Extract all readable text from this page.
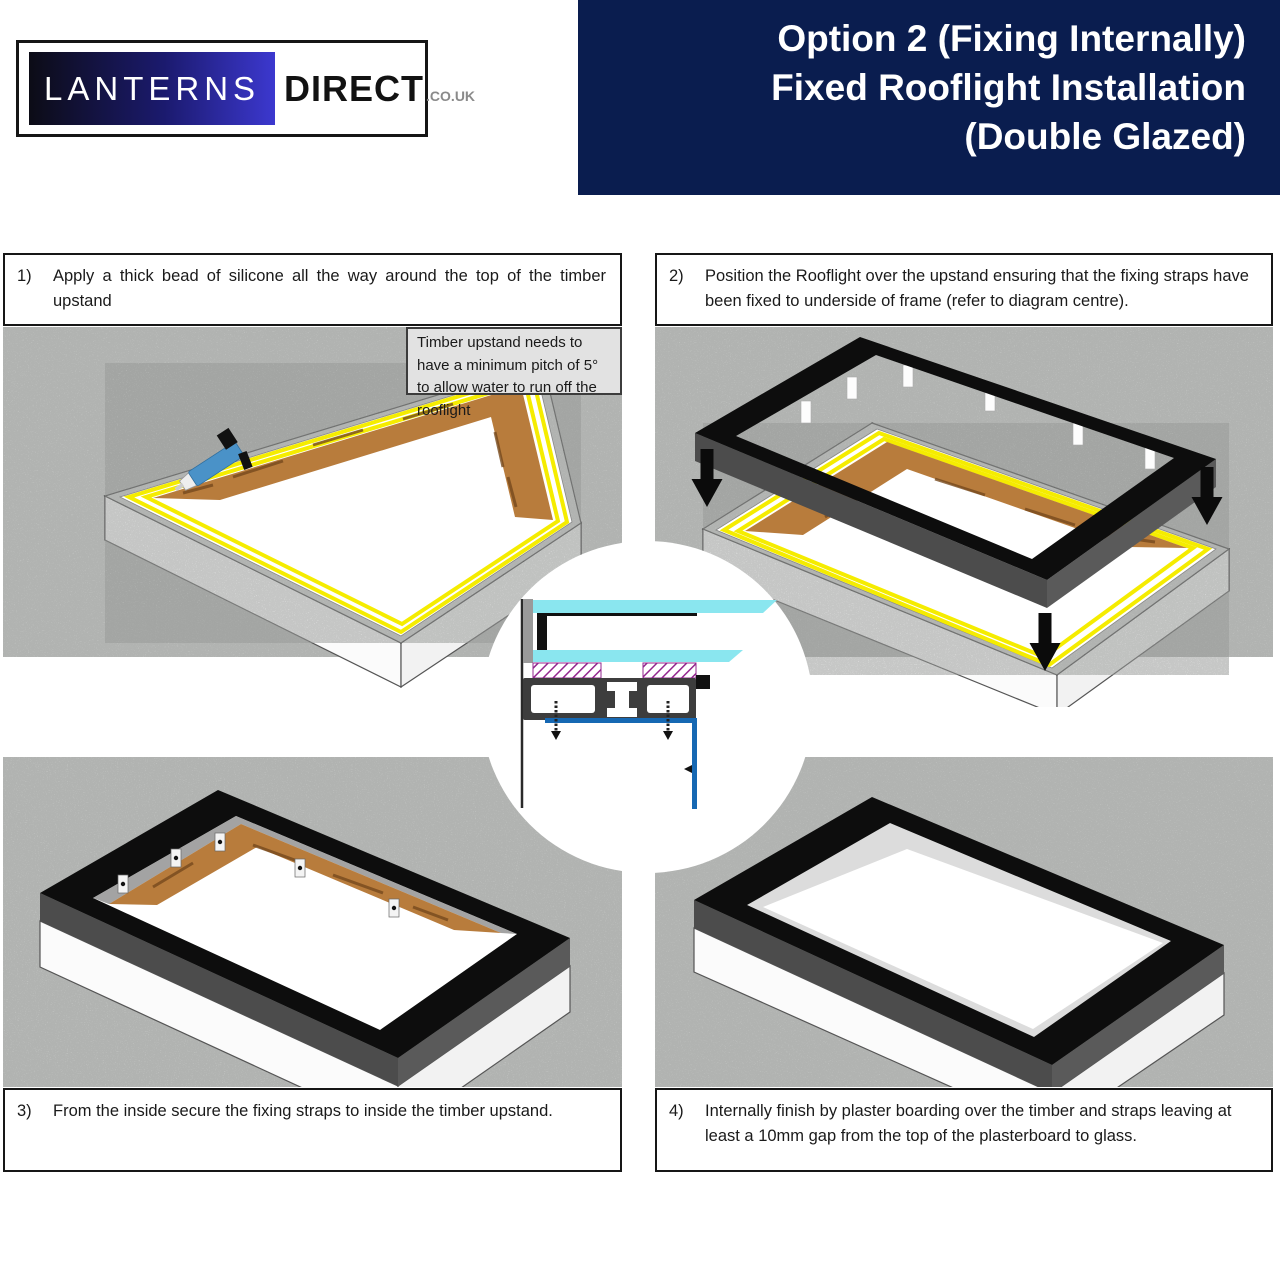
LANTERNS DIRECT .CO.UK
Option 2 (Fixing Internally)
Fixed Rooflight Installation
(Double Glazed)
1)	Apply a thick bead of silicone all the way around the top of the timber upstand
2)	Position the Rooflight over the upstand ensuring that the fixing straps have been fixed to underside of frame (refer to diagram centre).
3)	From the inside secure the fixing straps to inside the timber upstand.	4)	Internally finish by plaster boarding over the timber and straps leaving at least a 10mm gap from the top of the plasterboard to glass.
Timber upstand needs to have a minimum pitch of 5° to allow water to run off the rooflight
